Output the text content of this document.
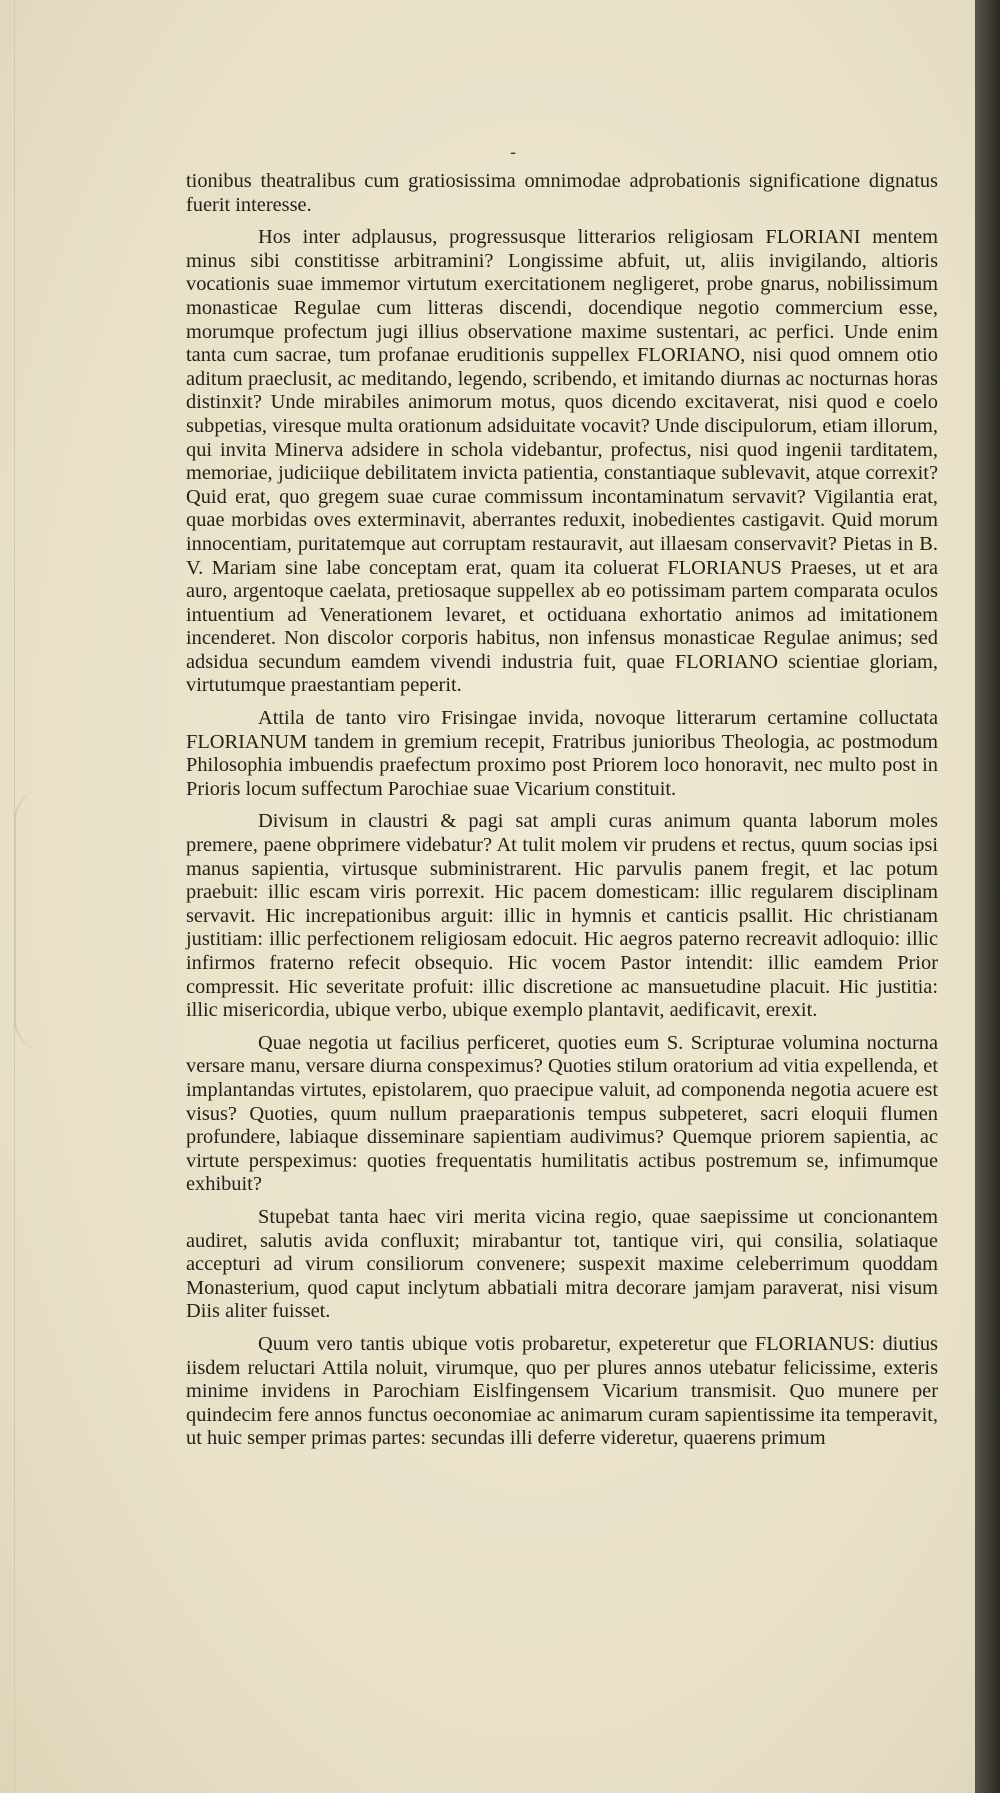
-

tionibus theatralibus cum gratiosissima omnimodae adprobationis significatione dignatus fuerit interesse.

Hos inter adplausus, progressusque litterarios religiosam FLORIANI mentem minus sibi constitisse arbitramini? Longissime abfuit, ut, aliis invigilando, altioris vocationis suae immemor virtutum exercitationem negligeret, probe gnarus, nobilissimum monasticae Regulae cum litteras discendi, docendique negotio commercium esse, morumque profectum jugi illius observatione maxime sustentari, ac perfici. Unde enim tanta cum sacrae, tum profanae eruditionis suppellex FLORIANO, nisi quod omnem otio aditum praeclusit, ac meditando, legendo, scribendo, et imitando diurnas ac nocturnas horas distinxit? Unde mirabiles animorum motus, quos dicendo excitaverat, nisi quod e coelo subpetias, viresque multa orationum adsiduitate vocavit? Unde discipulorum, etiam illorum, qui invita Minerva adsidere in schola videbantur, profectus, nisi quod ingenii tarditatem, memoriae, judiciique debilitatem invicta patientia, constantiaque sublevavit, atque correxit? Quid erat, quo gregem suae curae commissum incontaminatum servavit? Vigilantia erat, quae morbidas oves exterminavit, aberrantes reduxit, inobedientes castigavit. Quid morum innocentiam, puritatemque aut corruptam restauravit, aut illaesam conservavit? Pietas in B. V. Mariam sine labe conceptam erat, quam ita coluerat FLORIANUS Praeses, ut et ara auro, argentoque caelata, pretiosaque suppellex ab eo potissimam partem comparata oculos intuentium ad Venerationem levaret, et octiduana exhortatio animos ad imitationem incenderet. Non discolor corporis habitus, non infensus monasticae Regulae animus; sed adsidua secundum eamdem vivendi industria fuit, quae FLORIANO scientiae gloriam, virtutumque praestantiam peperit.

Attila de tanto viro Frisingae invida, novoque litterarum certamine colluctata FLORIANUM tandem in gremium recepit, Fratribus junioribus Theologia, ac postmodum Philosophia imbuendis praefectum proximo post Priorem loco honoravit, nec multo post in Prioris locum suffectum Parochiae suae Vicarium constituit.

Divisum in claustri & pagi sat ampli curas animum quanta laborum moles premere, paene obprimere videbatur? At tulit molem vir prudens et rectus, quum socias ipsi manus sapientia, virtusque subministrarent. Hic parvulis panem fregit, et lac potum praebuit: illic escam viris porrexit. Hic pacem domesticam: illic regularem disciplinam servavit. Hic increpationibus arguit: illic in hymnis et canticis psallit. Hic christianam justitiam: illic perfectionem religiosam edocuit. Hic aegros paterno recreavit adloquio: illic infirmos fraterno refecit obsequio. Hic vocem Pastor intendit: illic eamdem Prior compressit. Hic severitate profuit: illic discretione ac mansuetudine placuit. Hic justitia: illic misericordia, ubique verbo, ubique exemplo plantavit, aedificavit, erexit.

Quae negotia ut facilius perficeret, quoties eum S. Scripturae volumina nocturna versare manu, versare diurna conspeximus? Quoties stilum oratorium ad vitia expellenda, et implantandas virtutes, epistolarem, quo praecipue valuit, ad componenda negotia acuere est visus? Quoties, quum nullum praeparationis tempus subpeteret, sacri eloquii flumen profundere, labiaque disseminare sapientiam audivimus? Quemque priorem sapientia, ac virtute perspeximus: quoties frequentatis humilitatis actibus postremum se, infimumque exhibuit?

Stupebat tanta haec viri merita vicina regio, quae saepissime ut concionantem audiret, salutis avida confluxit; mirabantur tot, tantique viri, qui consilia, solatiaque accepturi ad virum consiliorum convenere; suspexit maxime celeberrimum quoddam Monasterium, quod caput inclytum abbatiali mitra decorare jamjam paraverat, nisi visum Diis aliter fuisset.

Quum vero tantis ubique votis probaretur, expeteretur que FLORIANUS: diutius iisdem reluctari Attila noluit, virumque, quo per plures annos utebatur felicissime, exteris minime invidens in Parochiam Eislfingensem Vicarium transmisit. Quo munere per quindecim fere annos functus oeconomiae ac animarum curam sapientissime ita temperavit, ut huic semper primas partes: secundas illi deferre videretur, quaerens primum
